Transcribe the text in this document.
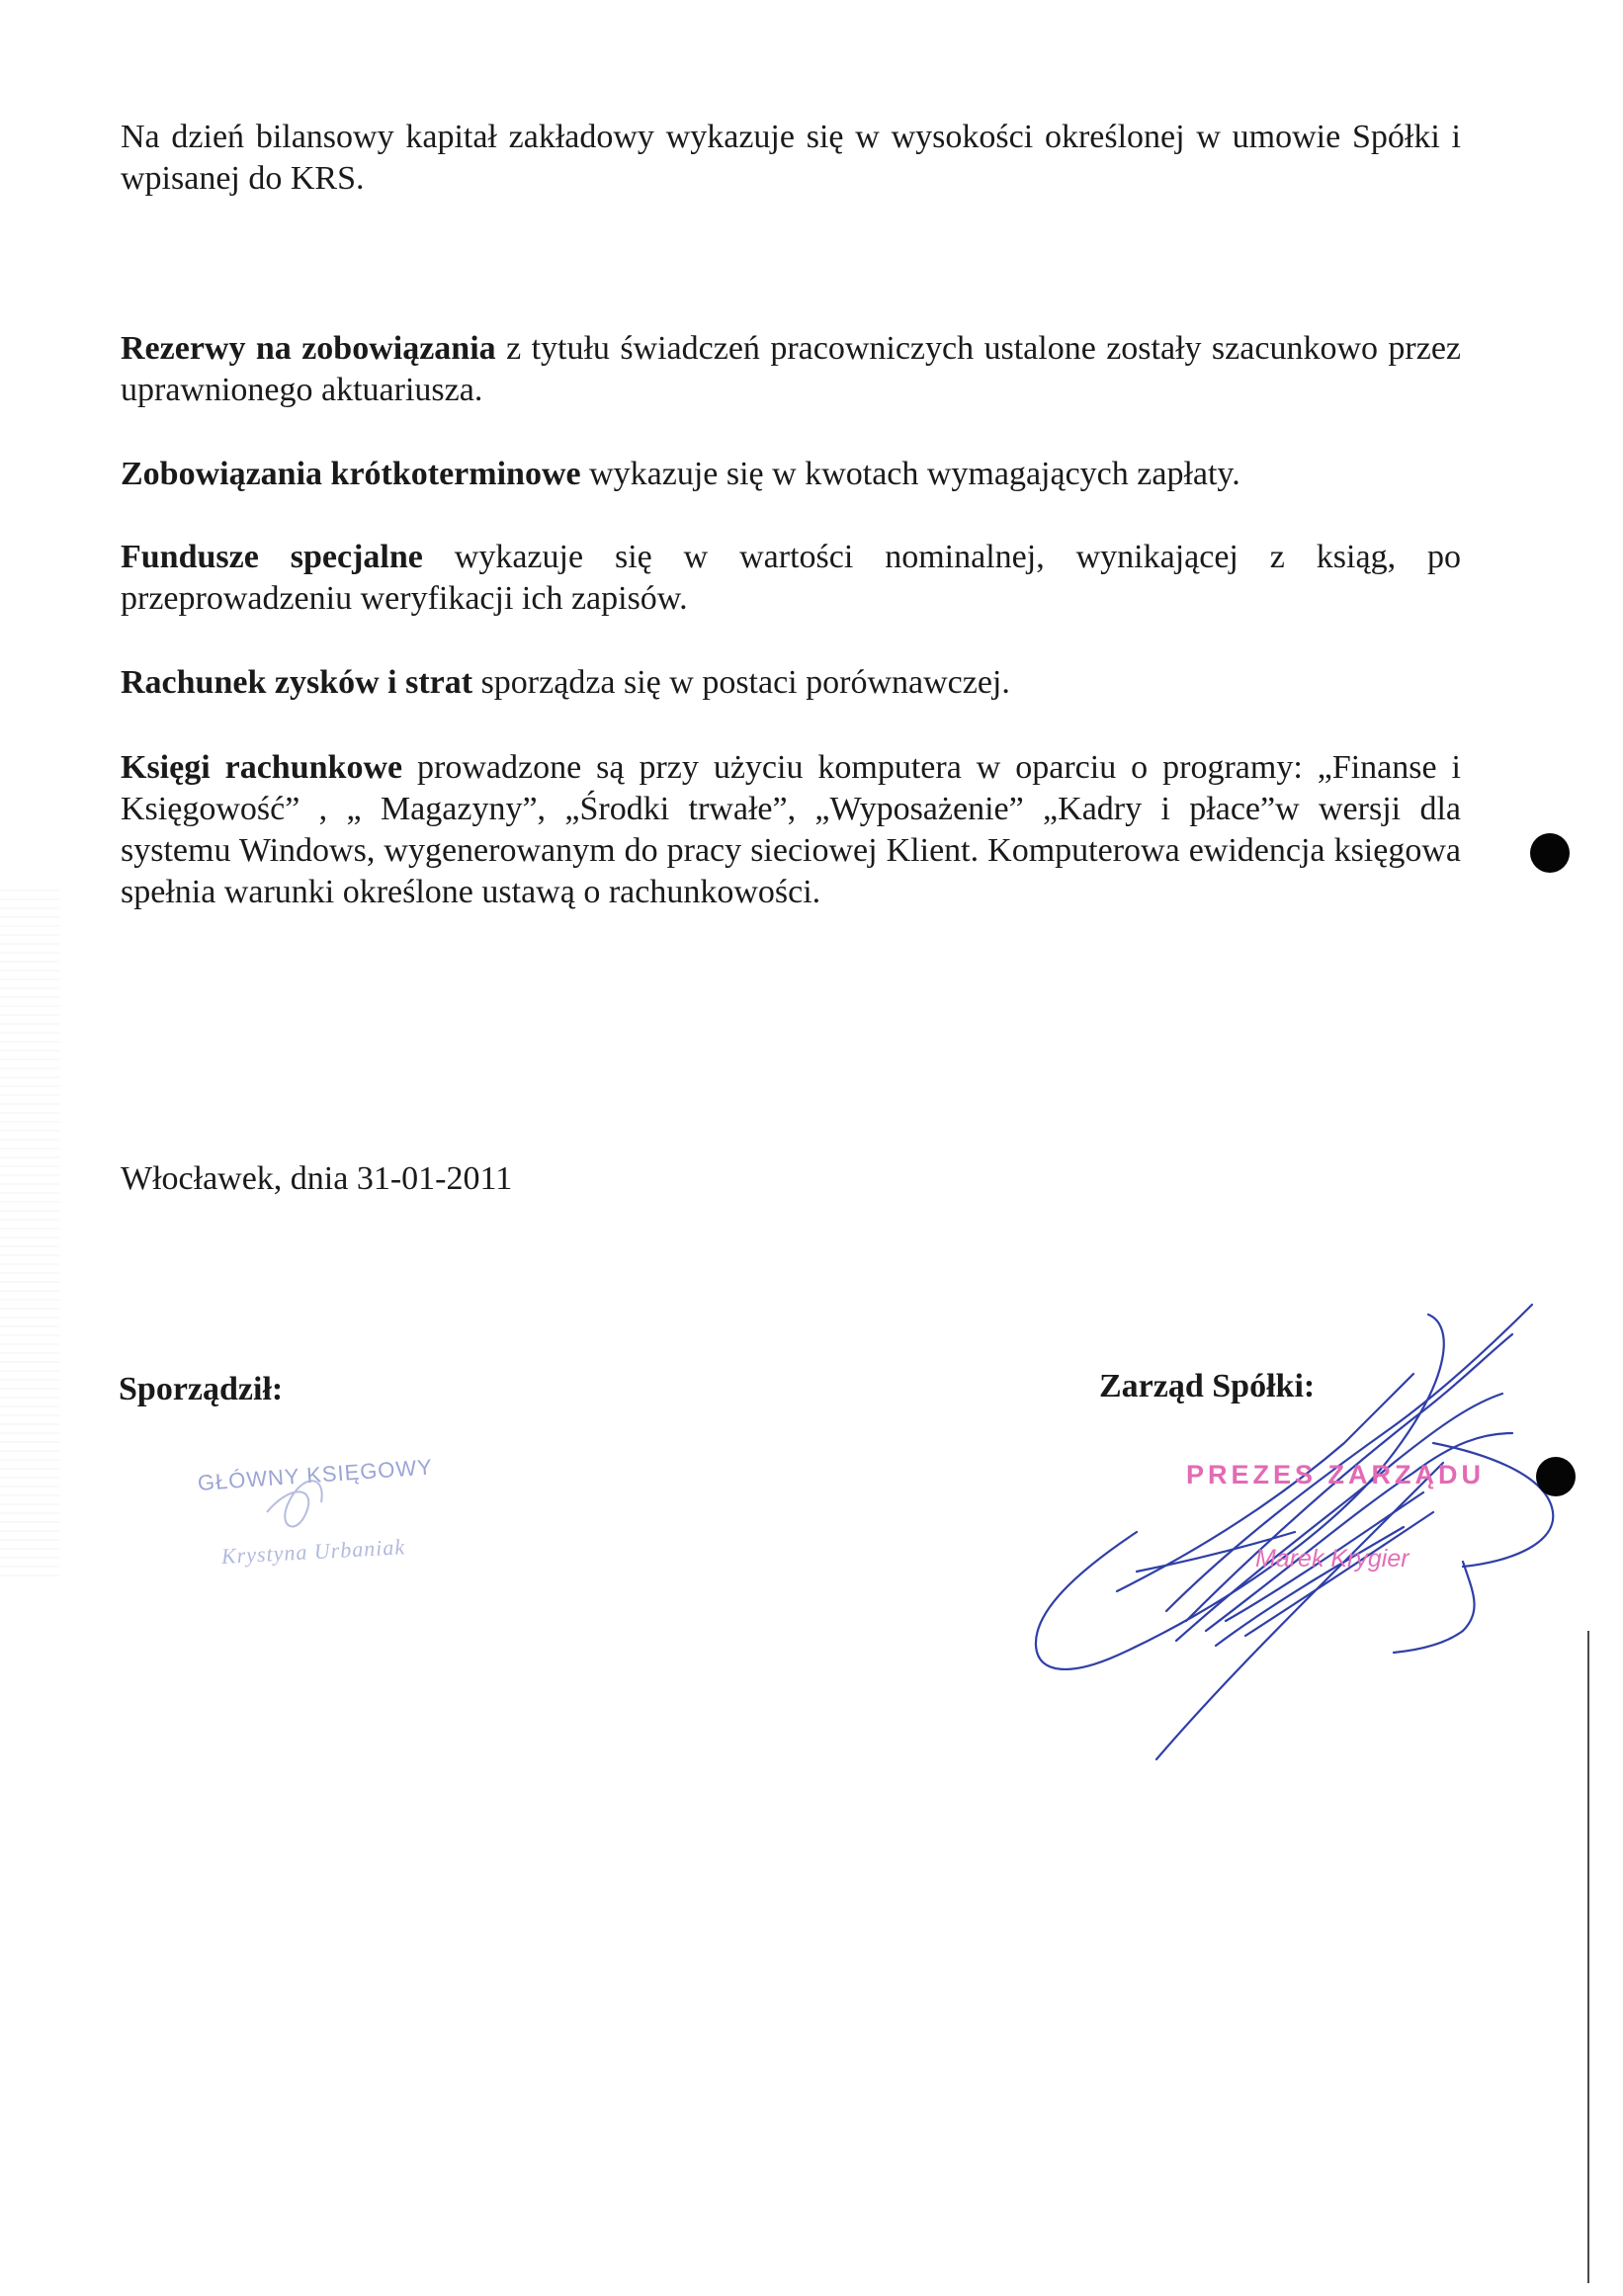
Na dzień bilansowy kapitał zakładowy wykazuje się w wysokości określonej w umowie Spółki i wpisanej do KRS.

Rezerwy na zobowiązania z tytułu świadczeń pracowniczych ustalone zostały szacunkowo przez uprawnionego aktuariusza.

Zobowiązania krótkoterminowe wykazuje się w kwotach wymagających zapłaty.

Fundusze specjalne wykazuje się w wartości nominalnej, wynikającej z ksiąg, po przeprowadzeniu weryfikacji ich zapisów.

Rachunek zysków i strat sporządza się w postaci porównawczej.

Księgi rachunkowe prowadzone są przy użyciu komputera w oparciu o programy: „Finanse i Księgowość” , „ Magazyny”, „Środki trwałe”, „Wyposażenie” „Kadry i płace”w wersji dla systemu Windows, wygenerowanym do pracy sieciowej Klient. Komputerowa ewidencja księgowa spełnia warunki określone ustawą o rachunkowości.

Włocławek, dnia 31-01-2011

Sporządził:	Zarząd Spółki:

GŁÓWNY KSIĘGOWY
Krystyna Urbaniak
PREZES ZARZĄDU
Marek Krygier
